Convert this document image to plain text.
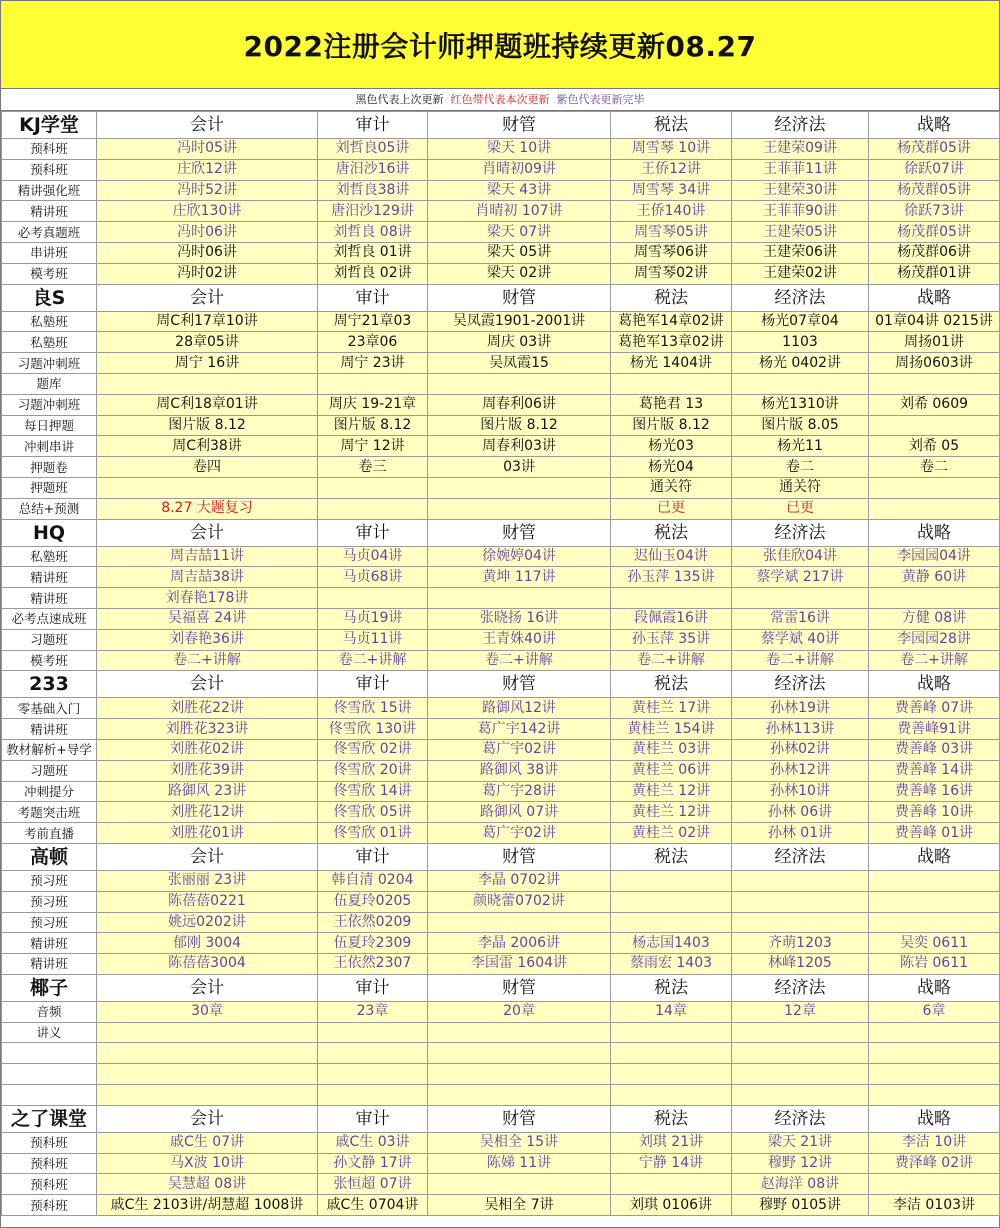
2022注册会计师押题班持续更新08.27
黑色代表上次更新 红色带代表本次更新 紫色代表更新完毕
KJ学堂	会计	审计	财管	税法	经济法	战略
预科班	冯时05讲	刘哲良05讲	梁天 10讲	周雪琴 10讲	王建荣09讲	杨茂群05讲
预科班	庄欣12讲	唐汨沙16讲	肖晴初09讲	王侨12讲	王菲菲11讲	徐跃07讲
精讲强化班	冯时52讲	刘哲良38讲	梁天 43讲	周雪琴 34讲	王建荣30讲	杨茂群05讲
精讲班	庄欣130讲	唐汨沙129讲	肖晴初 107讲	王侨140讲	王菲菲90讲	徐跃73讲
必考真题班	冯时06讲	刘哲良 08讲	梁天 07讲	周雪琴05讲	王建荣05讲	杨茂群05讲
串讲班	冯时06讲	刘哲良 01讲	梁天 05讲	周雪琴06讲	王建荣06讲	杨茂群06讲
模考班	冯时02讲	刘哲良 02讲	梁天 02讲	周雪琴02讲	王建荣02讲	杨茂群01讲
良S	会计	审计	财管	税法	经济法	战略
私塾班	周C利17章10讲	周宁21章03	吴凤霞1901-2001讲	葛艳军14章02讲	杨光07章04	01章04讲 0215讲
私塾班	28章05讲	23章06	周庆 03讲	葛艳军13章02讲	1103	周扬01讲
习题冲刺班	周宁 16讲	周宁 23讲	吴凤霞15	杨光 1404讲	杨光 0402讲	周扬0603讲
题库						
习题冲刺班	周C利18章01讲	周庆 19-21章	周春利06讲	葛艳君 13	杨光1310讲	刘希 0609
每日押题	图片版 8.12	图片版 8.12	图片版 8.12	图片版 8.12	图片版 8.05	
冲刺串讲	周C利38讲	周宁 12讲	周春利03讲	杨光03	杨光11	刘希 05
押题卷	卷四	卷三	03讲	杨光04	卷二	卷二
押题班				通关符	通关符	
总结+预测	8.27 大题复习			已更	已更	
HQ	会计	审计	财管	税法	经济法	战略
私塾班	周吉喆11讲	马贞04讲	徐婉婷04讲	迟仙玉04讲	张佳欣04讲	李园园04讲
精讲班	周吉喆38讲	马贞68讲	黄坤 117讲	孙玉萍 135讲	蔡学斌 217讲	黄静 60讲
精讲班	刘春艳178讲					
必考点速成班	吴福喜 24讲	马贞19讲	张晓扬 16讲	段佩霞16讲	常雷16讲	方健 08讲
习题班	刘春艳36讲	马贞11讲	王青姝40讲	孙玉萍 35讲	蔡学斌 40讲	李园园28讲
模考班	卷二+讲解	卷二+讲解	卷二+讲解	卷二+讲解	卷二+讲解	卷二+讲解
233	会计	审计	财管	税法	经济法	战略
零基础入门	刘胜花22讲	佟雪欣 15讲	路御风12讲	黄桂兰 17讲	孙林19讲	费善峰 07讲
精讲班	刘胜花323讲	佟雪欣 130讲	葛广宇142讲	黄桂兰 154讲	孙林113讲	费善峰91讲
教材解析+导学	刘胜花02讲	佟雪欣 02讲	葛广宇02讲	黄桂兰 03讲	孙林02讲	费善峰 03讲
习题班	刘胜花39讲	佟雪欣 20讲	路御风 38讲	黄桂兰 06讲	孙林12讲	费善峰 14讲
冲刺提分	路御风 23讲	佟雪欣 14讲	葛广宇28讲	黄桂兰 12讲	孙林10讲	费善峰 16讲
考题突击班	刘胜花12讲	佟雪欣 05讲	路御风 07讲	黄桂兰 12讲	孙林 06讲	费善峰 10讲
考前直播	刘胜花01讲	佟雪欣 01讲	葛广宇02讲	黄桂兰 02讲	孙林 01讲	费善峰 01讲
高顿	会计	审计	财管	税法	经济法	战略
预习班	张丽丽 23讲	韩自清 0204	李晶 0702讲			
预习班	陈蓓蓓0221	伍夏玲0205	颜晓蕾0702讲			
预习班	姚远0202讲	王依然0209				
精讲班	郁刚 3004	伍夏玲2309	李晶 2006讲	杨志国1403	齐萌1203	吴奕 0611
精讲班	陈蓓蓓3004	王依然2307	李国雷 1604讲	蔡雨宏 1403	林峰1205	陈岩 0611
椰子	会计	审计	财管	税法	经济法	战略
音频	30章	23章	20章	14章	12章	6章
讲义						

之了课堂	会计	审计	财管	税法	经济法	战略
预科班	戚C生 07讲	戚C生 03讲	吴相全 15讲	刘琪 21讲	梁天 21讲	李洁 10讲
预科班	马X波 10讲	孙文静 17讲	陈娣 11讲	宁静 14讲	穆野 12讲	费泽峰 02讲
预科班	吴慧超 08讲	张恒超 07讲			赵海洋 08讲	
预科班	戚C生 2103讲/胡慧超 1008讲	戚C生 0704讲	吴相全 7讲	刘琪 0106讲	穆野 0105讲	李洁 0103讲
